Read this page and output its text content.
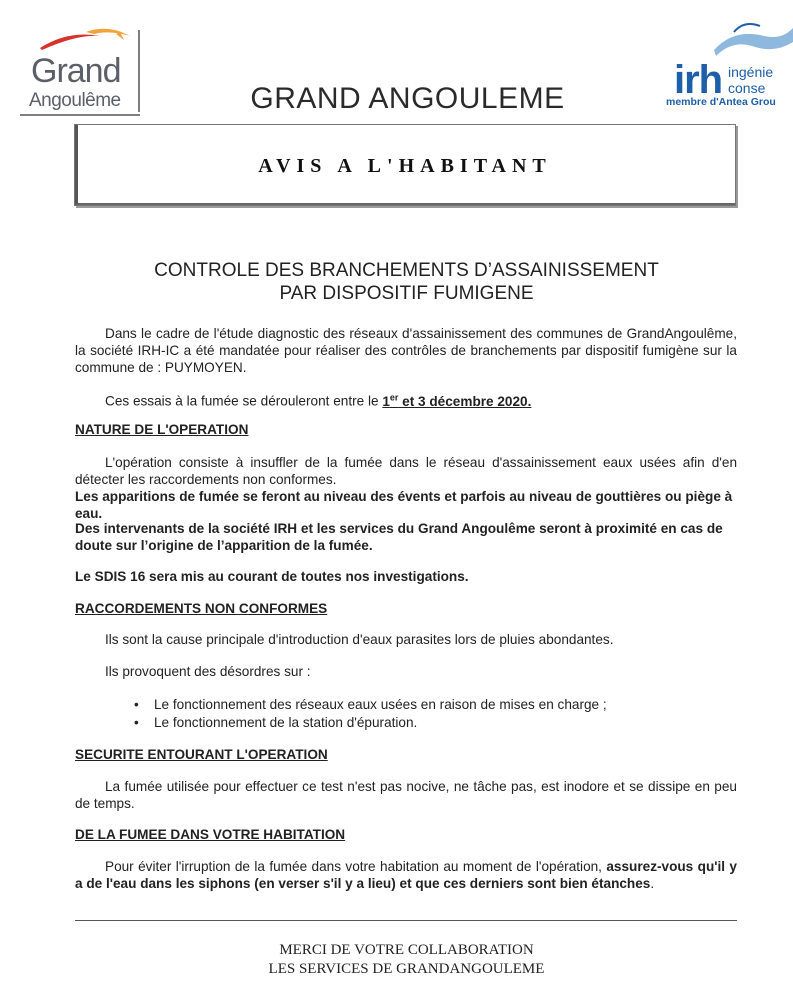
Grand
Angoulême	irh ingénie
conse
membre d'Antea Grou
GRAND ANGOULEME
AVIS A L'HABITANT
CONTROLE DES BRANCHEMENTS D’ASSAINISSEMENT
PAR DISPOSITIF FUMIGENE
Dans le cadre de l'étude diagnostic des réseaux d'assainissement des communes de GrandAngoulême, la société IRH-IC a été mandatée pour réaliser des contrôles de branchements par dispositif fumigène sur la commune de : PUYMOYEN.
Ces essais à la fumée se dérouleront entre le 1er et 3 décembre 2020.
NATURE DE L'OPERATION
L'opération consiste à insuffler de la fumée dans le réseau d'assainissement eaux usées afin d'en détecter les raccordements non conformes.
Les apparitions de fumée se feront au niveau des évents et parfois au niveau de gouttières ou piège à eau.
Des intervenants de la société IRH et les services du Grand Angoulême seront à proximité en cas de doute sur l’origine de l’apparition de la fumée.
Le SDIS 16 sera mis au courant de toutes nos investigations.
RACCORDEMENTS NON CONFORMES
Ils sont la cause principale d'introduction d'eaux parasites lors de pluies abondantes.
Ils provoquent des désordres sur :
• Le fonctionnement des réseaux eaux usées en raison de mises en charge ;
• Le fonctionnement de la station d'épuration.
SECURITE ENTOURANT L'OPERATION
La fumée utilisée pour effectuer ce test n'est pas nocive, ne tâche pas, est inodore et se dissipe en peu de temps.
DE LA FUMEE DANS VOTRE HABITATION
Pour éviter l'irruption de la fumée dans votre habitation au moment de l'opération, assurez-vous qu'il y a de l'eau dans les siphons (en verser s'il y a lieu) et que ces derniers sont bien étanches.
MERCI DE VOTRE COLLABORATION
LES SERVICES DE GRANDANGOULEME
